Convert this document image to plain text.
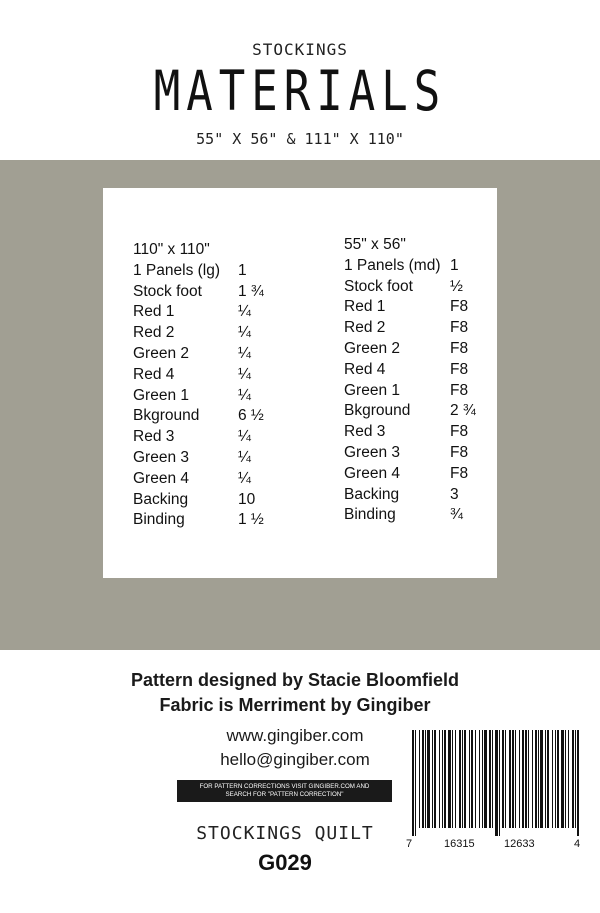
STOCKINGS
MATERIALS
55" X 56" & 111" X 110"
110" x 110"
1 Panels (lg)	1
Stock foot	1 ¾
Red 1	¼
Red 2	¼
Green 2	¼
Red 4	¼
Green 1	¼
Bkground	6 ½
Red 3	¼
Green 3	¼
Green 4	¼
Backing	10
Binding	1 ½
55" x 56"
1 Panels (md) 1
Stock foot	½
Red 1	F8
Red 2	F8
Green 2	F8
Red 4	F8
Green 1	F8
Bkground	2 ¾
Red 3	F8
Green 3	F8
Green 4	F8
Backing	3
Binding	¾
Pattern designed by Stacie Bloomfield
Fabric is Merriment by Gingiber
www.gingiber.com
hello@gingiber.com
FOR PATTERN CORRECTIONS VISIT GINGIBER.COM AND
SEARCH FOR "PATTERN CORRECTION"
STOCKINGS QUILT
G029
7	16315	12633	4
